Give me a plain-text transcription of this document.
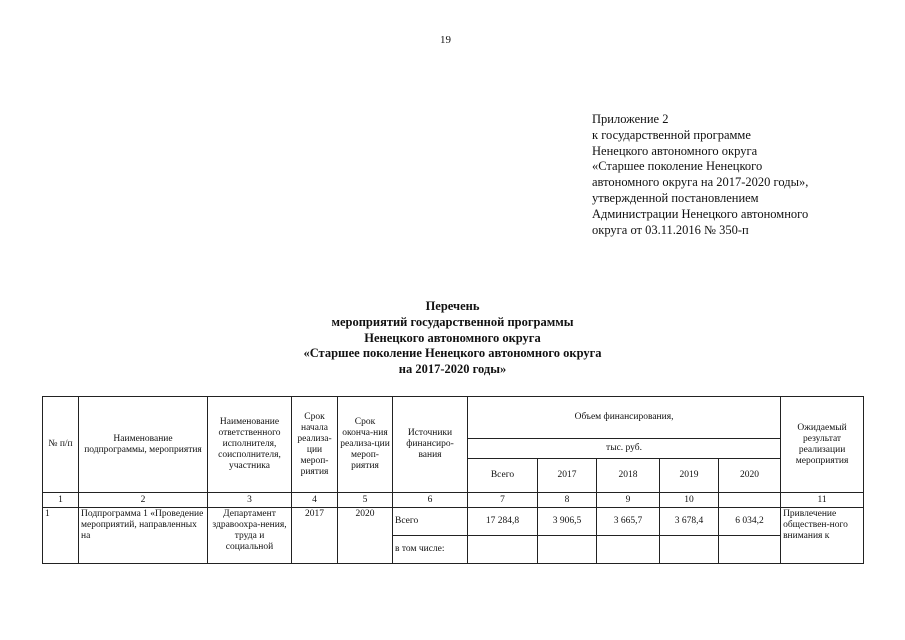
19
Приложение 2
к государственной программе
Ненецкого автономного округа
«Старшее поколение Ненецкого
автономного округа на 2017-2020 годы»,
утвержденной постановлением
Администрации Ненецкого автономного
округа от 03.11.2016 № 350-п
Перечень
мероприятий государственной программы
Ненецкого автономного округа
«Старшее поколение Ненецкого автономного округа
на 2017-2020 годы»
№ п/п	Наименование подпрограммы, мероприятия	Наименование ответственного исполнителя, соисполнителя, участника	Срок начала реализа-ции мероп-риятия	Срок оконча-ния реализа-ции мероп-риятия	Источники финансиро-вания	Объем финансирования,					Ожидаемый результат реализации мероприятия
						тыс. руб.					
						Всего	2017	2018	2019	2020	
1	2	3	4	5	6	7	8	9	10		11
1	Подпрограмма 1 «Проведение мероприятий, направленных на	Департамент здравоохра-нения, труда и социальной	2017	2020	Всего	17 284,8	3 906,5	3 665,7	3 678,4	6 034,2	Привлечение обществен-ного внимания к
					в том числе:						
